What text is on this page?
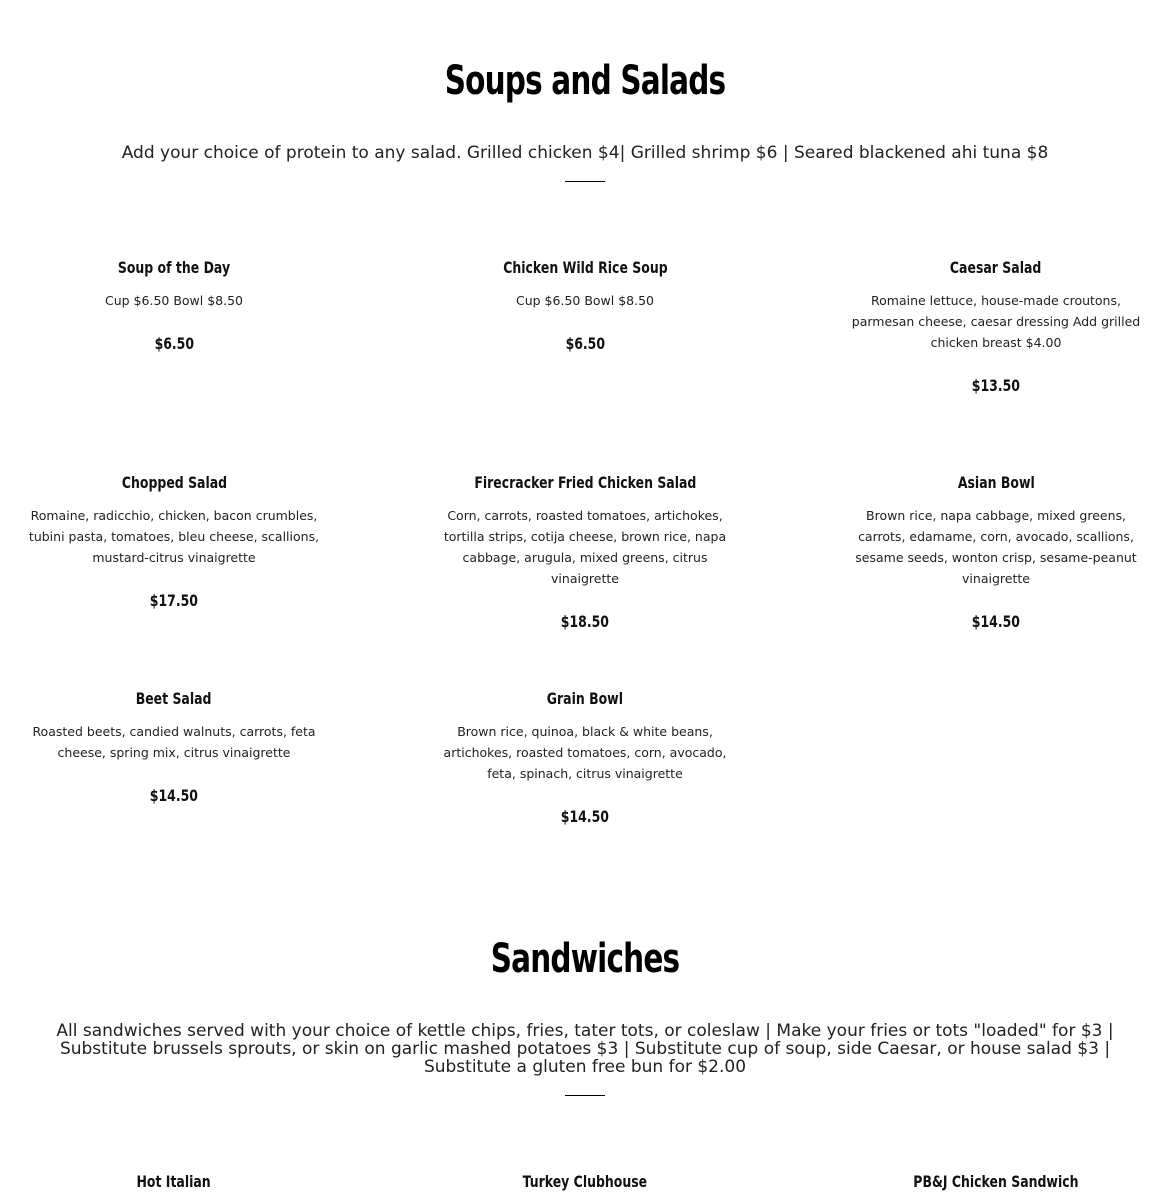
Soups and Salads

Add your choice of protein to any salad. Grilled chicken $4| Grilled shrimp $6 | Seared blackened ahi tuna $8

Soup of the Day

Cup $6.50 Bowl $8.50

$6.50
Chicken Wild Rice Soup

Cup $6.50 Bowl $8.50

$6.50
Caesar Salad

Romaine lettuce, house-made croutons, parmesan cheese, caesar dressing Add grilled chicken breast $4.00

$13.50
Chopped Salad

Romaine, radicchio, chicken, bacon crumbles, tubini pasta, tomatoes, bleu cheese, scallions, mustard-citrus vinaigrette

$17.50
Firecracker Fried Chicken Salad

Corn, carrots, roasted tomatoes, artichokes, tortilla strips, cotija cheese, brown rice, napa cabbage, arugula, mixed greens, citrus vinaigrette

$18.50
Asian Bowl

Brown rice, napa cabbage, mixed greens, carrots, edamame, corn, avocado, scallions, sesame seeds, wonton crisp, sesame-peanut vinaigrette

$14.50
Beet Salad

Roasted beets, candied walnuts, carrots, feta cheese, spring mix, citrus vinaigrette

$14.50
Grain Bowl

Brown rice, quinoa, black & white beans, artichokes, roasted tomatoes, corn, avocado, feta, spinach, citrus vinaigrette

$14.50
Sandwiches

All sandwiches served with your choice of kettle chips, fries, tater tots, or coleslaw | Make your fries or tots "loaded" for $3 | Substitute brussels sprouts, or skin on garlic mashed potatoes $3 | Substitute cup of soup, side Caesar, or house salad $3 | Substitute a gluten free bun for $2.00

Hot Italian	Turkey Clubhouse	PB&J Chicken Sandwich
